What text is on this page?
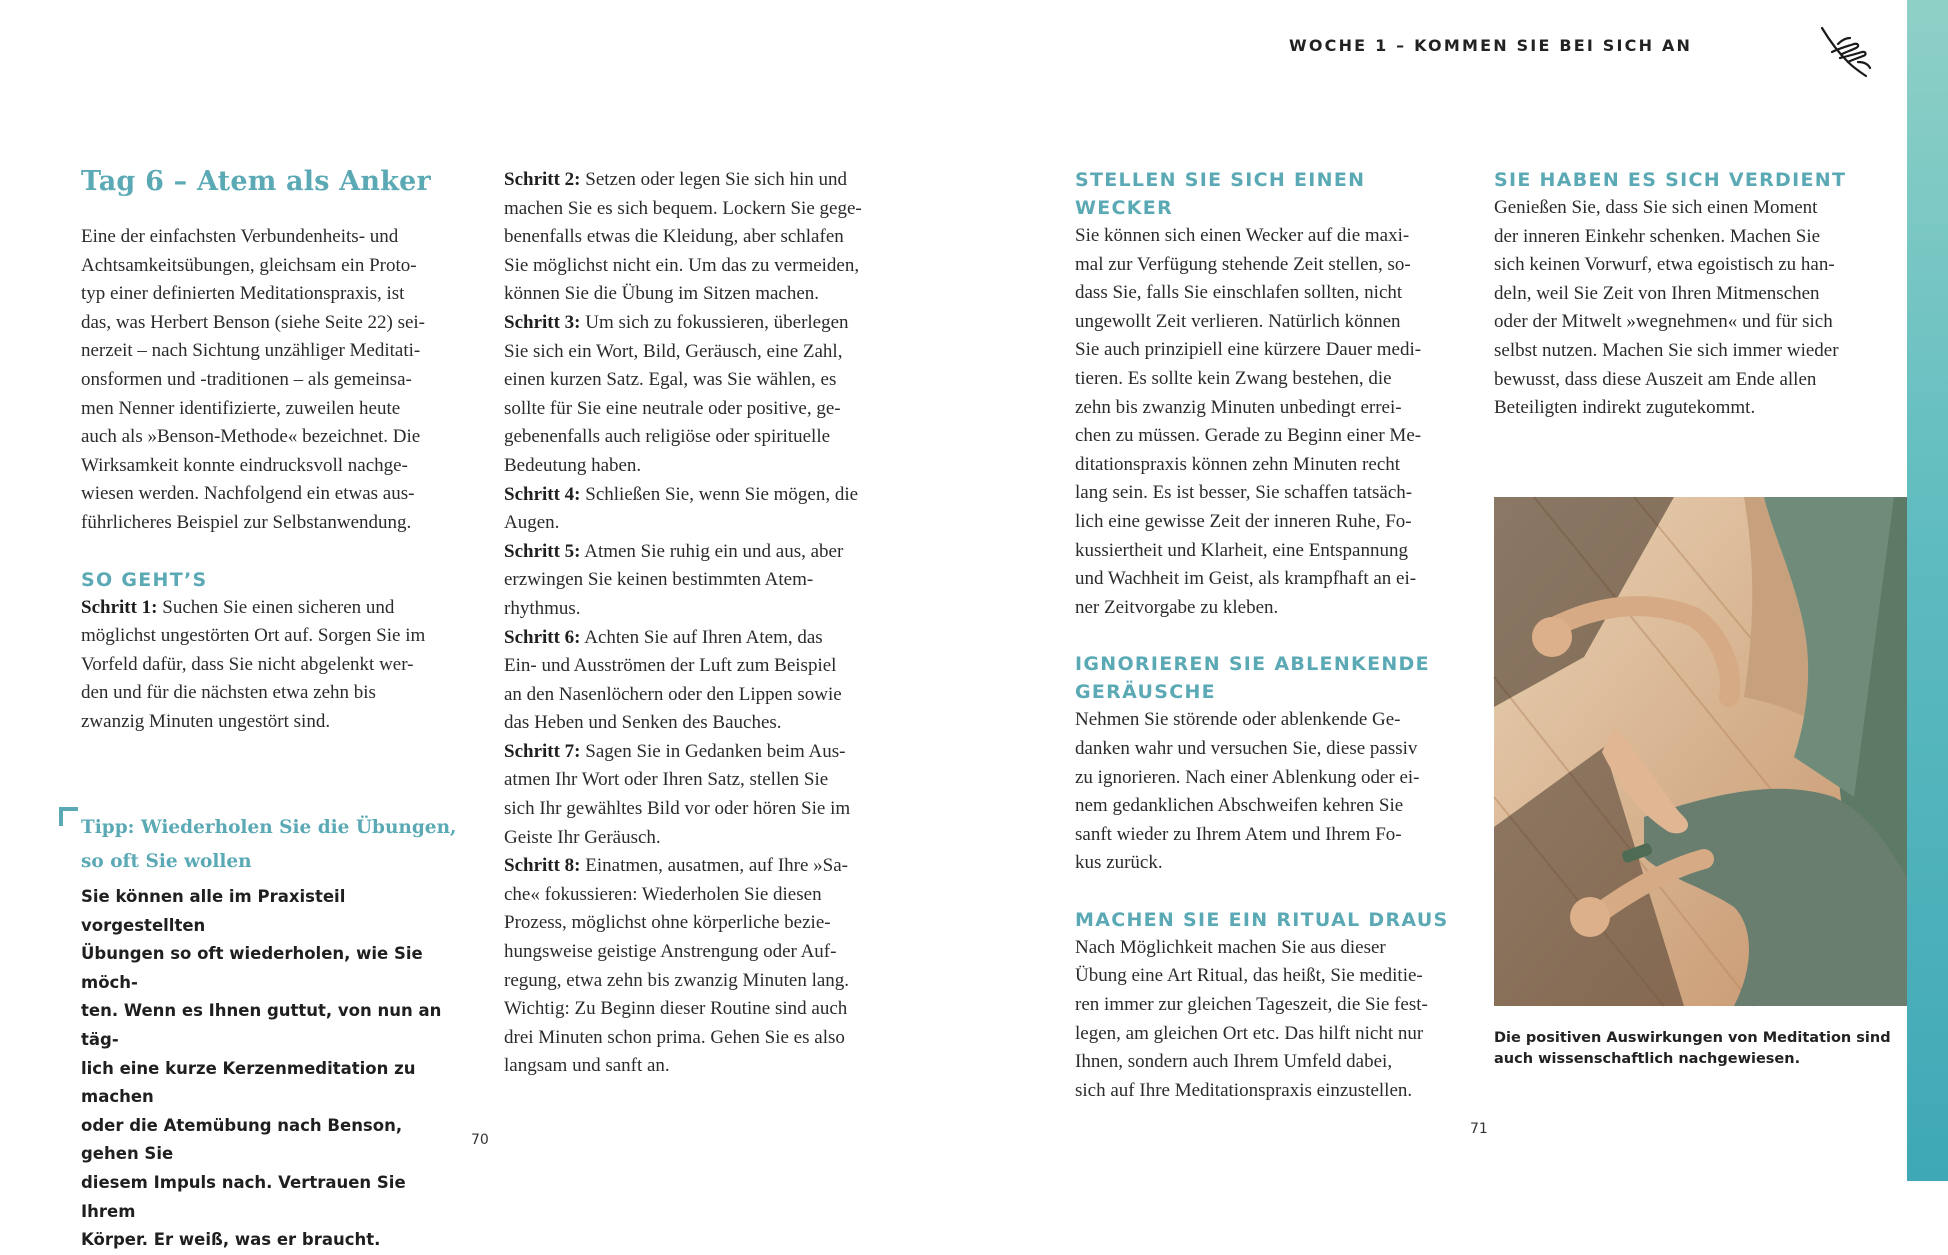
Tag 6 – Atem als Anker
Eine der einfachsten Verbundenheits- und
Achtsamkeitsübungen, gleichsam ein Proto-
typ einer definierten Meditationspraxis, ist
das, was Herbert Benson (siehe Seite 22) sei-
nerzeit – nach Sichtung unzähliger Meditati-
onsformen und -traditionen – als gemeinsa-
men Nenner identifizierte, zuweilen heute
auch als »Benson-Methode« bezeichnet. Die
Wirksamkeit konnte eindrucksvoll nachge-
wiesen werden. Nachfolgend ein etwas aus-
führlicheres Beispiel zur Selbstanwendung.
SO GEHT’S
Schritt 1: Suchen Sie einen sicheren und
möglichst ungestörten Ort auf. Sorgen Sie im
Vorfeld dafür, dass Sie nicht abgelenkt wer-
den und für die nächsten etwa zehn bis
zwanzig Minuten ungestört sind.
Tipp: Wiederholen Sie die Übungen,
so oft Sie wollen
Sie können alle im Praxisteil vorgestellten
Übungen so oft wiederholen, wie Sie möch-
ten. Wenn es Ihnen guttut, von nun an täg-
lich eine kurze Kerzenmeditation zu machen
oder die Atemübung nach Benson, gehen Sie
diesem Impuls nach. Vertrauen Sie Ihrem
Körper. Er weiß, was er braucht.
Schritt 2: Setzen oder legen Sie sich hin und
machen Sie es sich bequem. Lockern Sie gege-
benenfalls etwas die Kleidung, aber schlafen
Sie möglichst nicht ein. Um das zu vermeiden,
können Sie die Übung im Sitzen machen.
Schritt 3: Um sich zu fokussieren, überlegen
Sie sich ein Wort, Bild, Geräusch, eine Zahl,
einen kurzen Satz. Egal, was Sie wählen, es
sollte für Sie eine neutrale oder positive, ge-
gebenenfalls auch religiöse oder spirituelle
Bedeutung haben.
Schritt 4: Schließen Sie, wenn Sie mögen, die
Augen.
Schritt 5: Atmen Sie ruhig ein und aus, aber
erzwingen Sie keinen bestimmten Atem-
rhythmus.
Schritt 6: Achten Sie auf Ihren Atem, das
Ein- und Ausströmen der Luft zum Beispiel
an den Nasenlöchern oder den Lippen sowie
das Heben und Senken des Bauches.
Schritt 7: Sagen Sie in Gedanken beim Aus-
atmen Ihr Wort oder Ihren Satz, stellen Sie
sich Ihr gewähltes Bild vor oder hören Sie im
Geiste Ihr Geräusch.
Schritt 8: Einatmen, ausatmen, auf Ihre »Sa-
che« fokussieren: Wiederholen Sie diesen
Prozess, möglichst ohne körperliche bezie-
hungsweise geistige Anstrengung oder Auf-
regung, etwa zehn bis zwanzig Minuten lang.
Wichtig: Zu Beginn dieser Routine sind auch
drei Minuten schon prima. Gehen Sie es also
langsam und sanft an.
70
WOCHE 1 – KOMMEN SIE BEI SICH AN
STELLEN SIE SICH EINEN WECKER
Sie können sich einen Wecker auf die maxi-
mal zur Verfügung stehende Zeit stellen, so-
dass Sie, falls Sie einschlafen sollten, nicht
ungewollt Zeit verlieren. Natürlich können
Sie auch prinzipiell eine kürzere Dauer medi-
tieren. Es sollte kein Zwang bestehen, die
zehn bis zwanzig Minuten unbedingt errei-
chen zu müssen. Gerade zu Beginn einer Me-
ditationspraxis können zehn Minuten recht
lang sein. Es ist besser, Sie schaffen tatsäch-
lich eine gewisse Zeit der inneren Ruhe, Fo-
kussiertheit und Klarheit, eine Entspannung
und Wachheit im Geist, als krampfhaft an ei-
ner Zeitvorgabe zu kleben.
IGNORIEREN SIE ABLENKENDE
GERÄUSCHE
Nehmen Sie störende oder ablenkende Ge-
danken wahr und versuchen Sie, diese passiv
zu ignorieren. Nach einer Ablenkung oder ei-
nem gedanklichen Abschweifen kehren Sie
sanft wieder zu Ihrem Atem und Ihrem Fo-
kus zurück.
MACHEN SIE EIN RITUAL DRAUS
Nach Möglichkeit machen Sie aus dieser
Übung eine Art Ritual, das heißt, Sie meditie-
ren immer zur gleichen Tageszeit, die Sie fest-
legen, am gleichen Ort etc. Das hilft nicht nur
Ihnen, sondern auch Ihrem Umfeld dabei,
sich auf Ihre Meditationspraxis einzustellen.
SIE HABEN ES SICH VERDIENT
Genießen Sie, dass Sie sich einen Moment
der inneren Einkehr schenken. Machen Sie
sich keinen Vorwurf, etwa egoistisch zu han-
deln, weil Sie Zeit von Ihren Mitmenschen
oder der Mitwelt »wegnehmen« und für sich
selbst nutzen. Machen Sie sich immer wieder
bewusst, dass diese Auszeit am Ende allen
Beteiligten indirekt zugutekommt.
Die positiven Auswirkungen von Meditation sind
auch wissenschaftlich nachgewiesen.
71
